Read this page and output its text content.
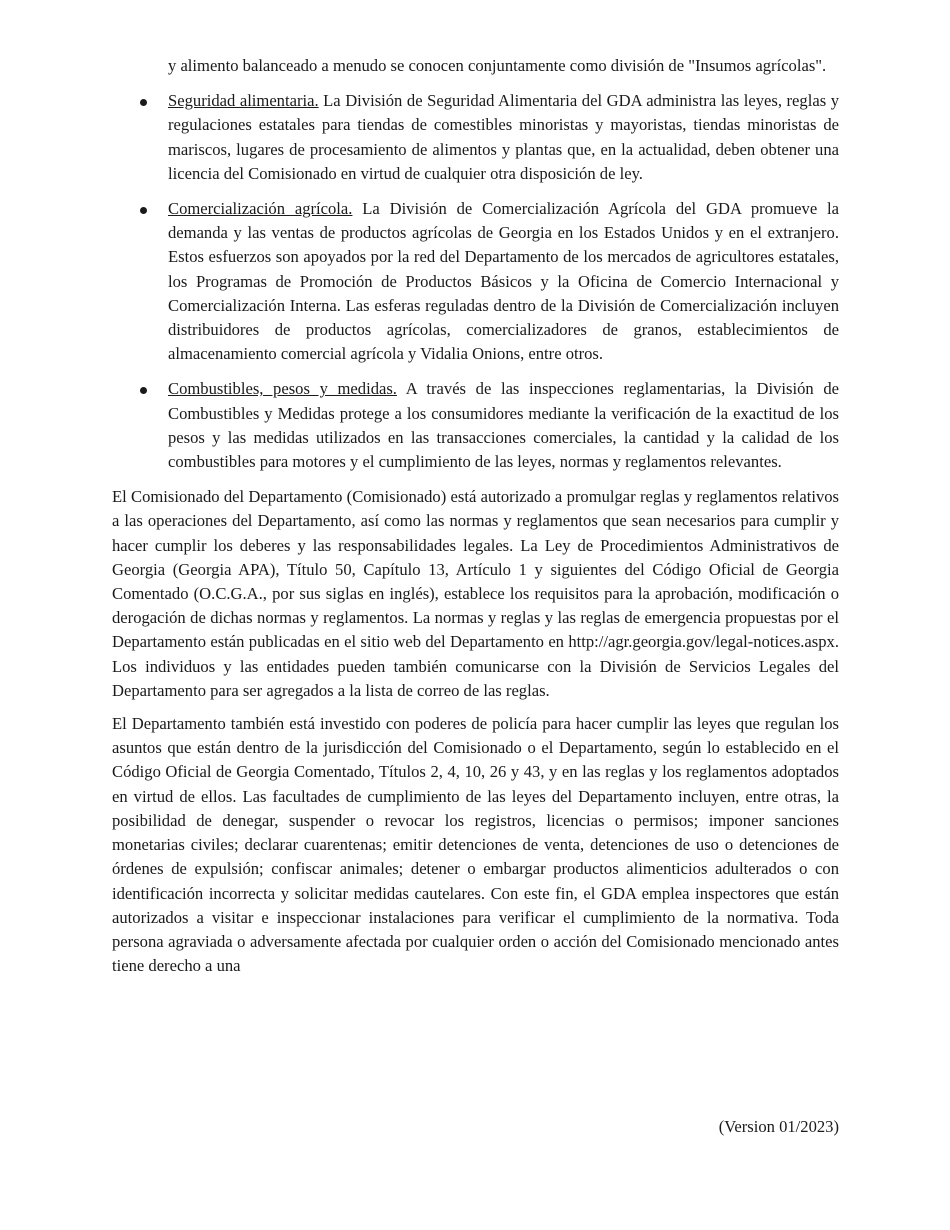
y alimento balanceado a menudo se conocen conjuntamente como división de "Insumos agrícolas".
Seguridad alimentaria. La División de Seguridad Alimentaria del GDA administra las leyes, reglas y regulaciones estatales para tiendas de comestibles minoristas y mayoristas, tiendas minoristas de mariscos, lugares de procesamiento de alimentos y plantas que, en la actualidad, deben obtener una licencia del Comisionado en virtud de cualquier otra disposición de ley.
Comercialización agrícola. La División de Comercialización Agrícola del GDA promueve la demanda y las ventas de productos agrícolas de Georgia en los Estados Unidos y en el extranjero. Estos esfuerzos son apoyados por la red del Departamento de los mercados de agricultores estatales, los Programas de Promoción de Productos Básicos y la Oficina de Comercio Internacional y Comercialización Interna. Las esferas reguladas dentro de la División de Comercialización incluyen distribuidores de productos agrícolas, comercializadores de granos, establecimientos de almacenamiento comercial agrícola y Vidalia Onions, entre otros.
Combustibles, pesos y medidas. A través de las inspecciones reglamentarias, la División de Combustibles y Medidas protege a los consumidores mediante la verificación de la exactitud de los pesos y las medidas utilizados en las transacciones comerciales, la cantidad y la calidad de los combustibles para motores y el cumplimiento de las leyes, normas y reglamentos relevantes.

El Comisionado del Departamento (Comisionado) está autorizado a promulgar reglas y reglamentos relativos a las operaciones del Departamento, así como las normas y reglamentos que sean necesarios para cumplir y hacer cumplir los deberes y las responsabilidades legales. La Ley de Procedimientos Administrativos de Georgia (Georgia APA), Título 50, Capítulo 13, Artículo 1 y siguientes del Código Oficial de Georgia Comentado (O.C.G.A., por sus siglas en inglés), establece los requisitos para la aprobación, modificación o derogación de dichas normas y reglamentos. La normas y reglas y las reglas de emergencia propuestas por el Departamento están publicadas en el sitio web del Departamento en http://agr.georgia.gov/legal-notices.aspx. Los individuos y las entidades pueden también comunicarse con la División de Servicios Legales del Departamento para ser agregados a la lista de correo de las reglas.

El Departamento también está investido con poderes de policía para hacer cumplir las leyes que regulan los asuntos que están dentro de la jurisdicción del Comisionado o el Departamento, según lo establecido en el Código Oficial de Georgia Comentado, Títulos 2, 4, 10, 26 y 43, y en las reglas y los reglamentos adoptados en virtud de ellos. Las facultades de cumplimiento de las leyes del Departamento incluyen, entre otras, la posibilidad de denegar, suspender o revocar los registros, licencias o permisos; imponer sanciones monetarias civiles; declarar cuarentenas; emitir detenciones de venta, detenciones de uso o detenciones de órdenes de expulsión; confiscar animales; detener o embargar productos alimenticios adulterados o con identificación incorrecta y solicitar medidas cautelares. Con este fin, el GDA emplea inspectores que están autorizados a visitar e inspeccionar instalaciones para verificar el cumplimiento de la normativa. Toda persona agraviada o adversamente afectada por cualquier orden o acción del Comisionado mencionado antes tiene derecho a una

(Version 01/2023)
